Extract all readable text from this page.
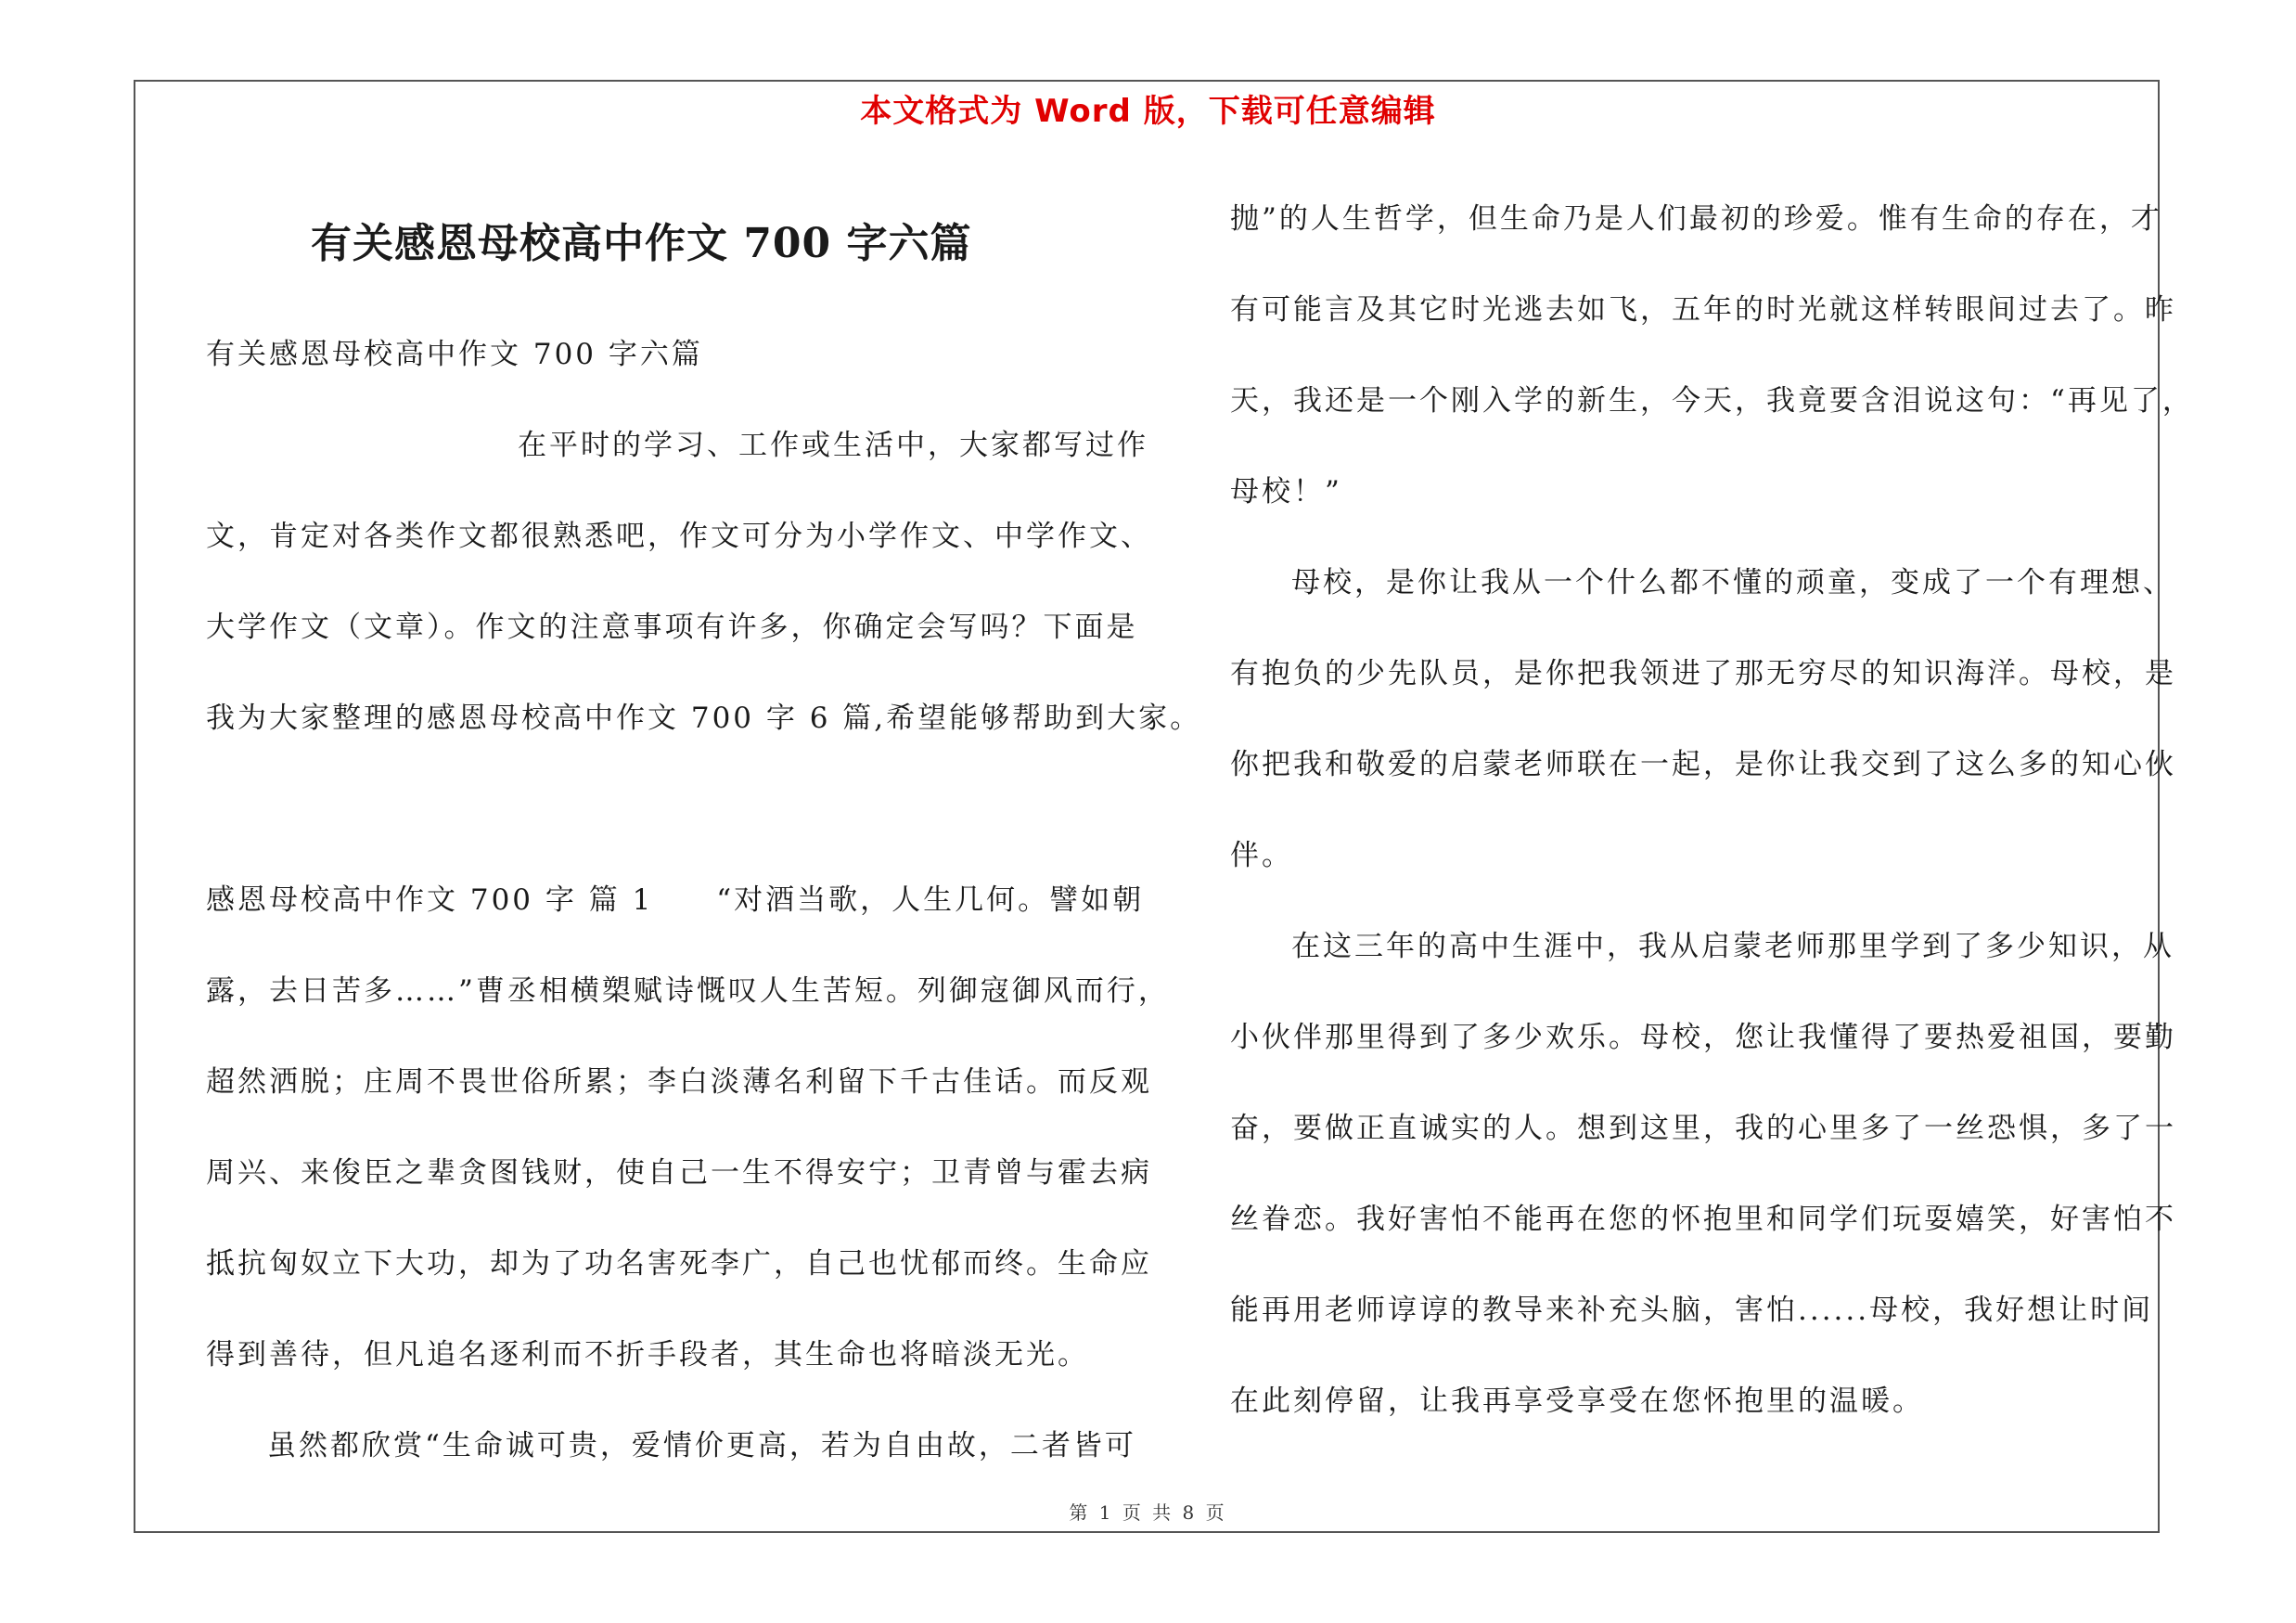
本文格式为 Word 版，下载可任意编辑
有关感恩母校高中作文 700 字六篇
有关感恩母校高中作文 700 字六篇
在平时的学习、工作或生活中，大家都写过作
文，肯定对各类作文都很熟悉吧，作文可分为小学作文、中学作文、
大学作文（文章）。作文的注意事项有许多，你确定会写吗？下面是
我为大家整理的感恩母校高中作文 700 字 6 篇,希望能够帮助到大家。
感恩母校高中作文 700 字 篇 1　　“对酒当歌，人生几何。譬如朝
露，去日苦多……”曹丞相横槊赋诗慨叹人生苦短。列御寇御风而行，
超然洒脱；庄周不畏世俗所累；李白淡薄名利留下千古佳话。而反观
周兴、来俊臣之辈贪图钱财，使自己一生不得安宁；卫青曾与霍去病
抵抗匈奴立下大功，却为了功名害死李广，自己也忧郁而终。生命应
得到善待，但凡追名逐利而不折手段者，其生命也将暗淡无光。
虽然都欣赏“生命诚可贵，爱情价更高，若为自由故，二者皆可
抛”的人生哲学，但生命乃是人们最初的珍爱。惟有生命的存在，才
有可能言及其它时光逃去如飞，五年的时光就这样转眼间过去了。昨
天，我还是一个刚入学的新生，今天，我竟要含泪说这句：“再见了，
母校！”
母校，是你让我从一个什么都不懂的顽童，变成了一个有理想、
有抱负的少先队员，是你把我领进了那无穷尽的知识海洋。母校，是
你把我和敬爱的启蒙老师联在一起，是你让我交到了这么多的知心伙
伴。
在这三年的高中生涯中，我从启蒙老师那里学到了多少知识，从
小伙伴那里得到了多少欢乐。母校，您让我懂得了要热爱祖国，要勤
奋，要做正直诚实的人。想到这里，我的心里多了一丝恐惧，多了一
丝眷恋。我好害怕不能再在您的怀抱里和同学们玩耍嬉笑，好害怕不
能再用老师谆谆的教导来补充头脑，害怕......母校，我好想让时间
在此刻停留，让我再享受享受在您怀抱里的温暖。
第 1 页 共 8 页
